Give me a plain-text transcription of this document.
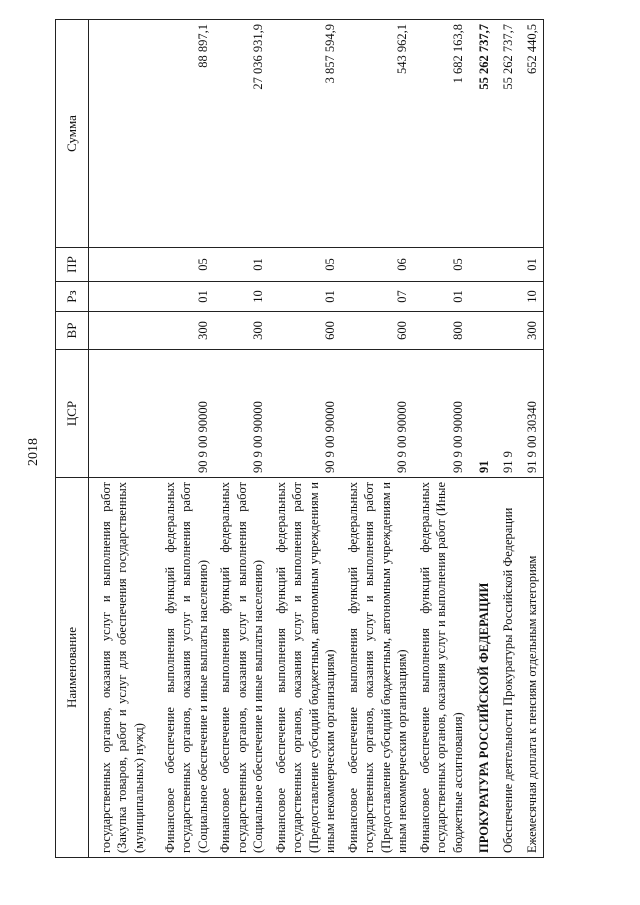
2018
Наименование	ЦСР	ВР	Рз	ПР	Сумма
государственных органов, оказания услуг и выполнения работ (Закупка товаров, работ и услуг для обеспечения государственных (муниципальных) нужд)					
Финансовое обеспечение выполнения функций федеральных государственных органов, оказания услуг и выполнения работ (Социальное обеспечение и иные выплаты населению)	90 9 00 90000	300	01	05	88 897,1
Финансовое обеспечение выполнения функций федеральных государственных органов, оказания услуг и выполнения работ (Социальное обеспечение и иные выплаты населению)	90 9 00 90000	300	10	01	27 036 931,9
Финансовое обеспечение выполнения функций федеральных государственных органов, оказания услуг и выполнения работ (Предоставление субсидий бюджетным, автономным учреждениям и иным некоммерческим организациям)	90 9 00 90000	600	01	05	3 857 594,9
Финансовое обеспечение выполнения функций федеральных государственных органов, оказания услуг и выполнения работ (Предоставление субсидий бюджетным, автономным учреждениям и иным некоммерческим организациям)	90 9 00 90000	600	07	06	543 962,1
Финансовое обеспечение выполнения функций федеральных государственных органов, оказания услуг и выполнения работ (Иные бюджетные ассигнования)	90 9 00 90000	800	01	05	1 682 163,8
ПРОКУРАТУРА РОССИЙСКОЙ ФЕДЕРАЦИИ	91				55 262 737,7
Обеспечение деятельности Прокуратуры Российской Федерации	91 9				55 262 737,7
Ежемесячная доплата к пенсиям отдельным категориям	91 9 00 30340	300	10	01	652 440,5
